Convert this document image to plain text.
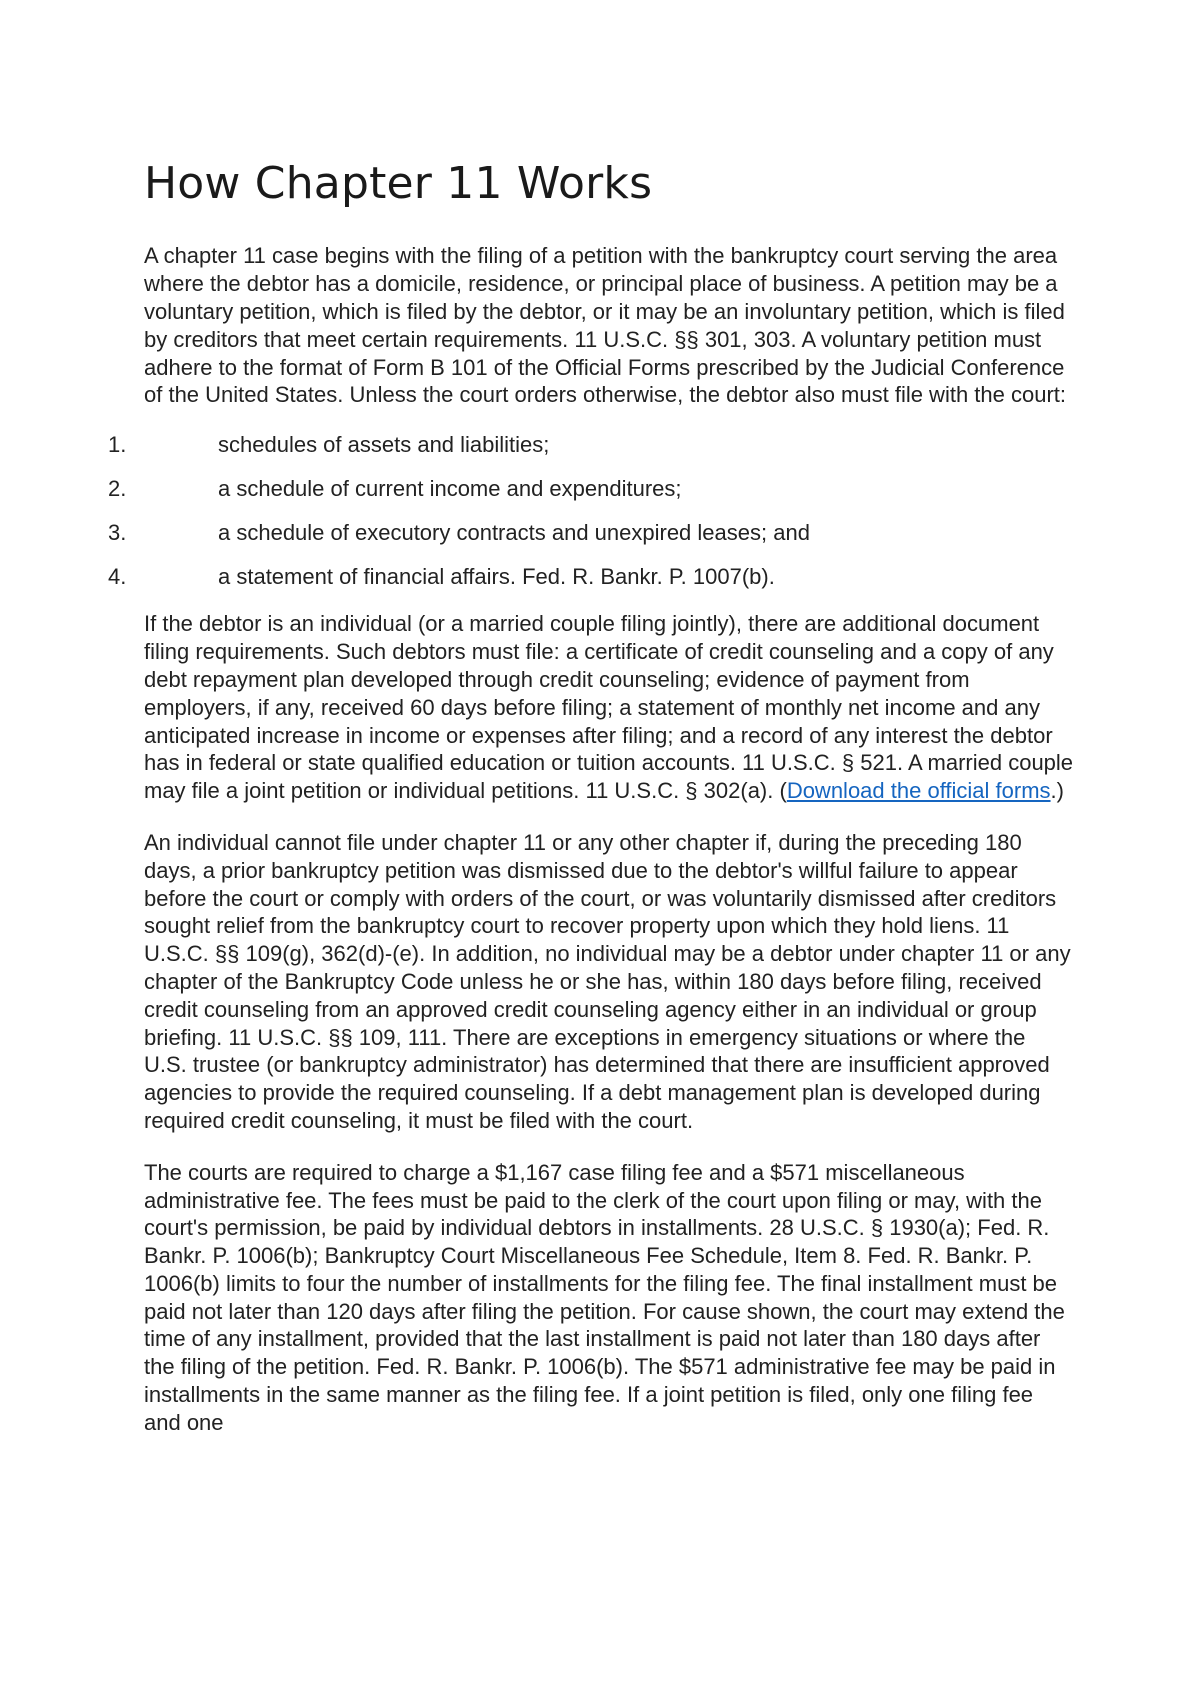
How Chapter 11 Works

A chapter 11 case begins with the filing of a petition with the bankruptcy court serving the area where the debtor has a domicile, residence, or principal place of business. A petition may be a voluntary petition, which is filed by the debtor, or it may be an involuntary petition, which is filed by creditors that meet certain requirements. 11 U.S.C. §§ 301, 303. A voluntary petition must adhere to the format of Form B 101 of the Official Forms prescribed by the Judicial Conference of the United States. Unless the court orders otherwise, the debtor also must file with the court:

1.	schedules of assets and liabilities;
2.	a schedule of current income and expenditures;
3.	a schedule of executory contracts and unexpired leases; and
4.	a statement of financial affairs. Fed. R. Bankr. P. 1007(b).

If the debtor is an individual (or a married couple filing jointly), there are additional document filing requirements. Such debtors must file: a certificate of credit counseling and a copy of any debt repayment plan developed through credit counseling; evidence of payment from employers, if any, received 60 days before filing; a statement of monthly net income and any anticipated increase in income or expenses after filing; and a record of any interest the debtor has in federal or state qualified education or tuition accounts. 11 U.S.C. § 521. A married couple may file a joint petition or individual petitions. 11 U.S.C. § 302(a). (Download the official forms.)

An individual cannot file under chapter 11 or any other chapter if, during the preceding 180 days, a prior bankruptcy petition was dismissed due to the debtor's willful failure to appear before the court or comply with orders of the court, or was voluntarily dismissed after creditors sought relief from the bankruptcy court to recover property upon which they hold liens. 11 U.S.C. §§ 109(g), 362(d)-(e). In addition, no individual may be a debtor under chapter 11 or any chapter of the Bankruptcy Code unless he or she has, within 180 days before filing, received credit counseling from an approved credit counseling agency either in an individual or group briefing. 11 U.S.C. §§ 109, 111. There are exceptions in emergency situations or where the U.S. trustee (or bankruptcy administrator) has determined that there are insufficient approved agencies to provide the required counseling. If a debt management plan is developed during required credit counseling, it must be filed with the court.

The courts are required to charge a $1,167 case filing fee and a $571 miscellaneous administrative fee. The fees must be paid to the clerk of the court upon filing or may, with the court's permission, be paid by individual debtors in installments. 28 U.S.C. § 1930(a); Fed. R. Bankr. P. 1006(b); Bankruptcy Court Miscellaneous Fee Schedule, Item 8. Fed. R. Bankr. P. 1006(b) limits to four the number of installments for the filing fee. The final installment must be paid not later than 120 days after filing the petition. For cause shown, the court may extend the time of any installment, provided that the last installment is paid not later than 180 days after the filing of the petition. Fed. R. Bankr. P. 1006(b). The $571 administrative fee may be paid in installments in the same manner as the filing fee. If a joint petition is filed, only one filing fee and one
